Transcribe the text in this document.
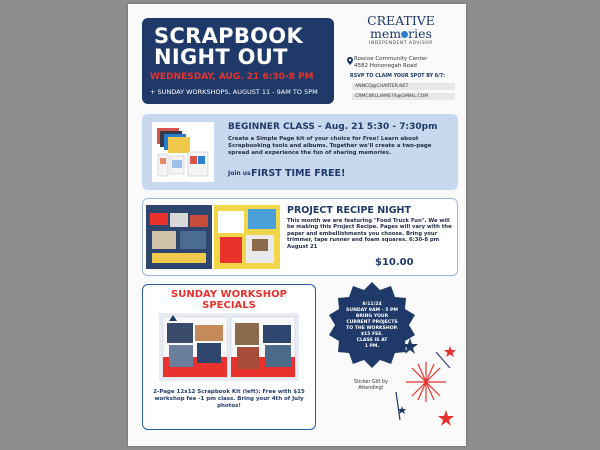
SCRAPBOOK
NIGHT OUT
WEDNESDAY, AUG. 21 6:30-8 PM
+ SUNDAY WORKSHOPS, AUGUST 11 - 9AM TO 5PM
CREATIVE
mem ries
INDEPENDENT ADVISOR
Roscoe Community Center
4582 Hononegah Road
RSVP TO CLAIM YOUR SPOT BY 8/7:
ANNCQ@CHARTER.NET
CRMCWILLIAMS74@GMAIL.COM
BEGINNER CLASS - Aug. 21 5:30 - 7:30pm
Create a Simple Page kit of your choice for Free! Learn about Scrapbooking tools and albums. Together we'll create a two-page spread and experience the fun of sharing memories.
Join us FIRST TIME FREE!
PROJECT RECIPE NIGHT
This month we are featuring "Food Truck Fun". We will be making this Project Recipe. Pages will vary with the paper and embellishments you choose. Bring your trimmer, tape runner and foam squares. 6:30-8 pm August 21
$10.00
SUNDAY WORKSHOP
SPECIALS
2-Page 12x12 Scrapbook Kit (left): Free with $15 workshop fee -1 pm class. Bring your 4th of July photos!
8/11/24
SUNDAY 9AM - 5 PM
BRING YOUR
CURRENT PROJECTS
TO THE WORKSHOP.
$15 FEE.
CLASS IS AT
1 PM.
Sticker Gift by
Attending!
